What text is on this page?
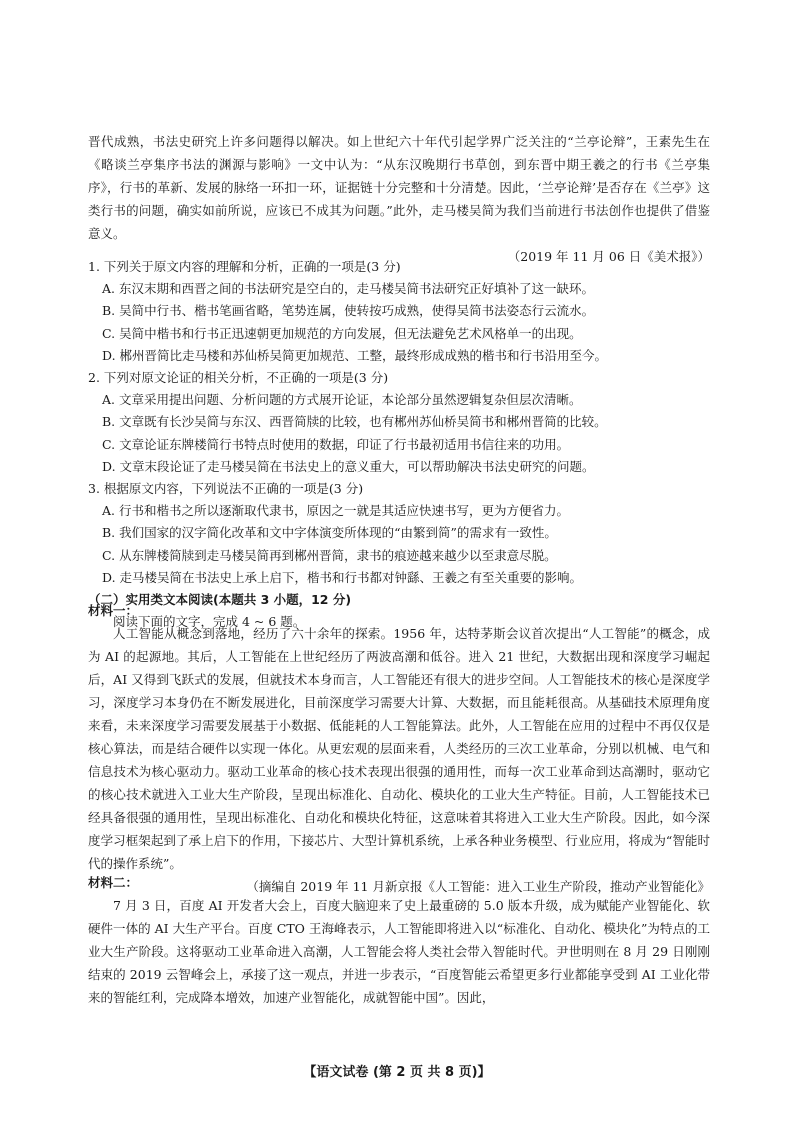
晋代成熟，书法史研究上许多问题得以解决。如上世纪六十年代引起学界广泛关注的“兰亭论辩”，王素先生在《略谈兰亭集序书法的渊源与影响》一文中认为：“从东汉晚期行书草创，到东晋中期王羲之的行书《兰亭集序》，行书的革新、发展的脉络一环扣一环，证据链十分完整和十分清楚。因此，‘兰亭论辩’是否存在《兰亭》这类行书的问题，确实如前所说，应该已不成其为问题。”此外，走马楼吴简为我们当前进行书法创作也提供了借鉴意义。

（2019 年 11 月 06 日《美术报》）

1. 下列关于原文内容的理解和分析，正确的一项是(3 分)

A. 东汉末期和西晋之间的书法研究是空白的，走马楼吴简书法研究正好填补了这一缺环。

B. 吴简中行书、楷书笔画省略，笔势连属，使转按巧成熟，使得吴简书法姿态行云流水。

C. 吴简中楷书和行书正迅速朝更加规范的方向发展，但无法避免艺术风格单一的出现。

D. 郴州晋简比走马楼和苏仙桥吴简更加规范、工整，最终形成成熟的楷书和行书沿用至今。

2. 下列对原文论证的相关分析，不正确的一项是(3 分)

A. 文章采用提出问题、分析问题的方式展开论证，本论部分虽然逻辑复杂但层次清晰。

B. 文章既有长沙吴简与东汉、西晋简牍的比较，也有郴州苏仙桥吴简书和郴州晋简的比较。

C. 文章论证东牌楼简行书特点时使用的数据，印证了行书最初适用书信往来的功用。

D. 文章末段论证了走马楼吴简在书法史上的意义重大，可以帮助解决书法史研究的问题。

3. 根据原文内容，下列说法不正确的一项是(3 分)

A. 行书和楷书之所以逐渐取代隶书，原因之一就是其适应快速书写，更为方便省力。

B. 我们国家的汉字简化改革和文中字体演变所体现的“由繁到简”的需求有一致性。

C. 从东牌楼简牍到走马楼吴简再到郴州晋简，隶书的痕迹越来越少以至隶意尽脱。

D. 走马楼吴简在书法史上承上启下，楷书和行书都对钟繇、王羲之有至关重要的影响。

（二）实用类文本阅读(本题共 3 小题，12 分)

阅读下面的文字，完成 4 ~ 6 题。

材料一：

人工智能从概念到落地，经历了六十余年的探索。1956 年，达特茅斯会议首次提出“人工智能”的概念，成为 AI 的起源地。其后，人工智能在上世纪经历了两波高潮和低谷。进入 21 世纪，大数据出现和深度学习崛起后，AI 又得到飞跃式的发展，但就技术本身而言，人工智能还有很大的进步空间。人工智能技术的核心是深度学习，深度学习本身仍在不断发展进化，目前深度学习需要大计算、大数据，而且能耗很高。从基础技术原理角度来看，未来深度学习需要发展基于小数据、低能耗的人工智能算法。此外，人工智能在应用的过程中不再仅仅是核心算法，而是结合硬件以实现一体化。从更宏观的层面来看，人类经历的三次工业革命，分别以机械、电气和信息技术为核心驱动力。驱动工业革命的核心技术表现出很强的通用性，而每一次工业革命到达高潮时，驱动它的核心技术就进入工业大生产阶段，呈现出标准化、自动化、模块化的工业大生产特征。目前，人工智能技术已经具备很强的通用性，呈现出标准化、自动化和模块化特征，这意味着其将进入工业大生产阶段。因此，如今深度学习框架起到了承上启下的作用，下接芯片、大型计算机系统，上承各种业务模型、行业应用，将成为“智能时代的操作系统”。

（摘编自 2019 年 11 月新京报《人工智能：进入工业生产阶段，推动产业智能化》

材料二：

7 月 3 日，百度 AI 开发者大会上，百度大脑迎来了史上最重磅的 5.0 版本升级，成为赋能产业智能化、软硬件一体的 AI 大生产平台。百度 CTO 王海峰表示，人工智能即将进入以“标准化、自动化、模块化”为特点的工业大生产阶段。这将驱动工业革命进入高潮，人工智能会将人类社会带入智能时代。尹世明则在 8 月 29 日刚刚结束的 2019 云智峰会上，承接了这一观点，并进一步表示，“百度智能云希望更多行业都能享受到 AI 工业化带来的智能红利，完成降本增效，加速产业智能化，成就智能中国”。因此，

【语文试卷 (第 2 页 共 8 页)】
